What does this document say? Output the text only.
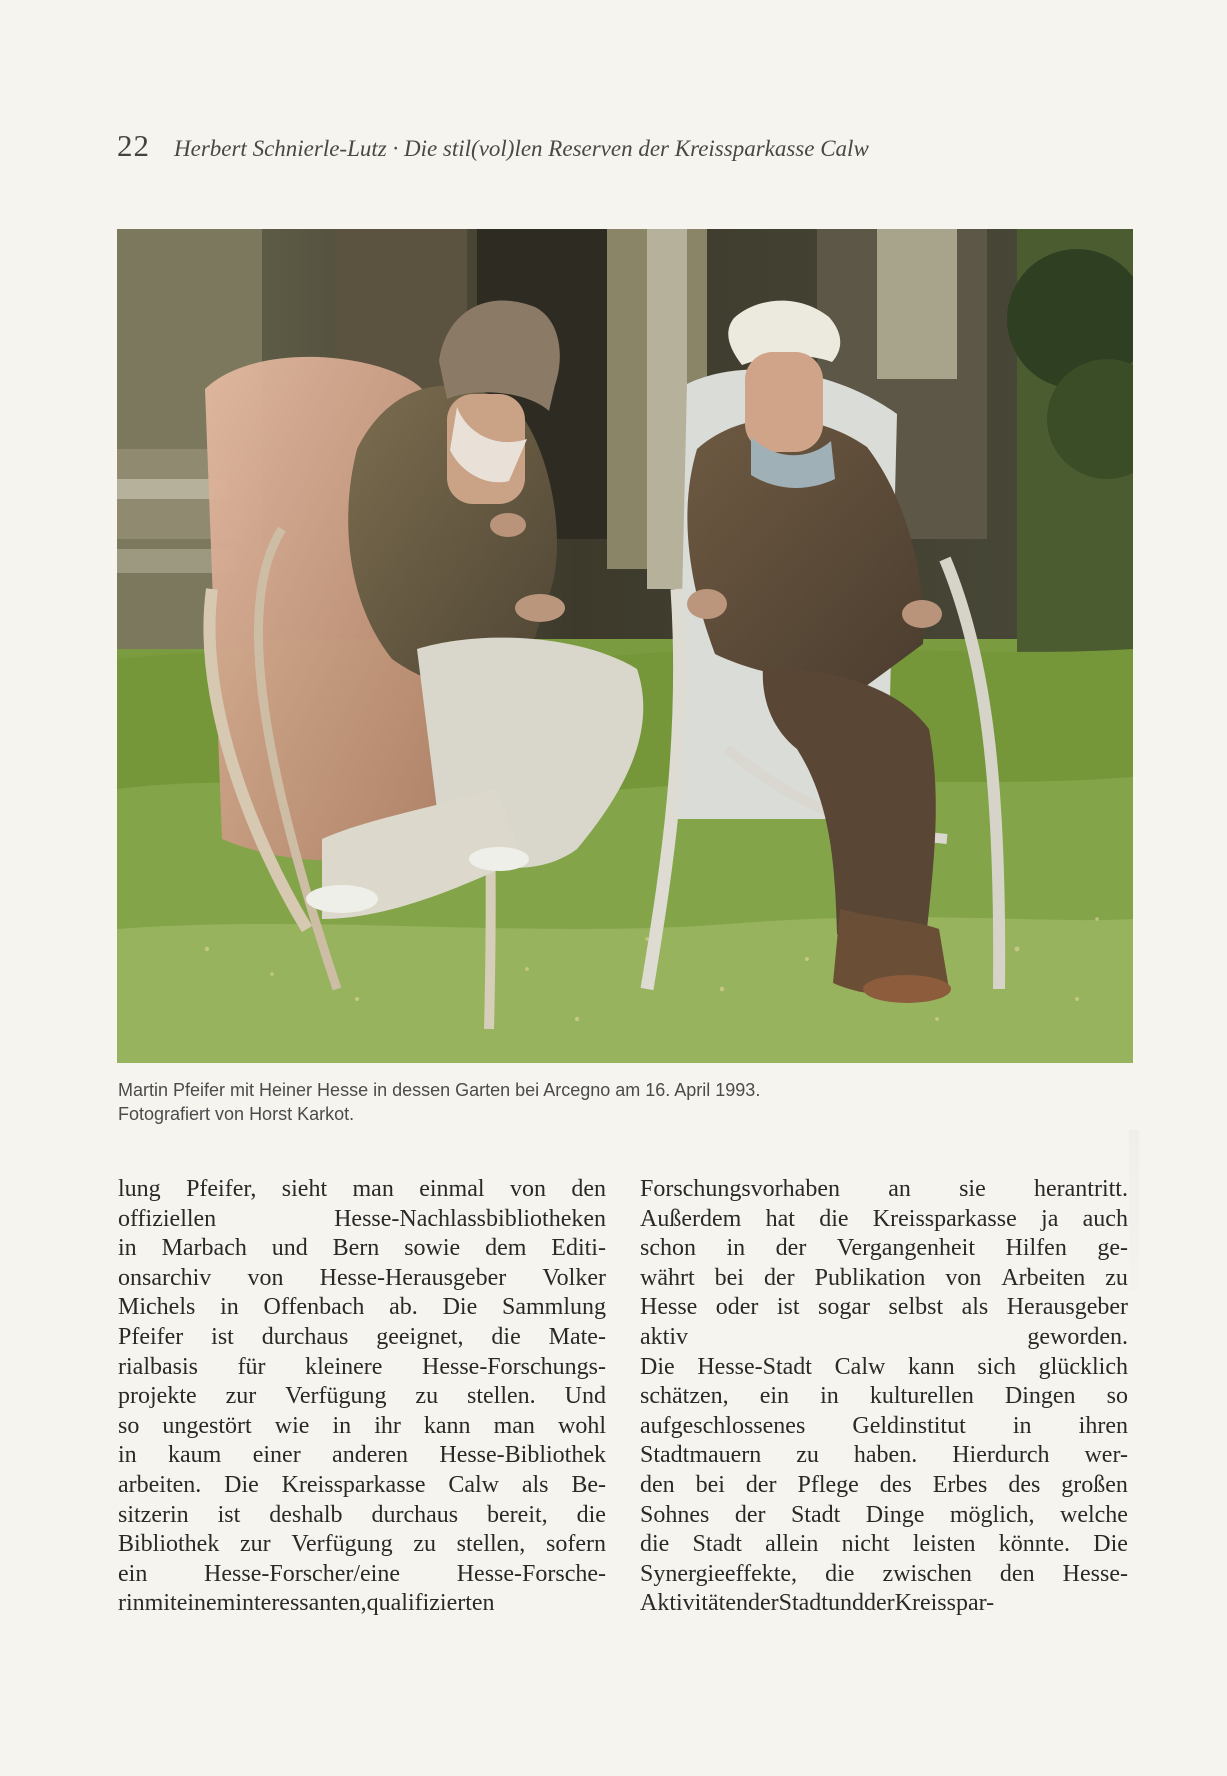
22 Herbert Schnierle-Lutz · Die stil(vol)len Reserven der Kreissparkasse Calw
Martin Pfeifer mit Heiner Hesse in dessen Garten bei Arcegno am 16. April 1993.
Fotografiert von Horst Karkot.
lung Pfeifer, sieht man einmal von den
offiziellen	Hesse-Nachlassbibliotheken
in Marbach und Bern sowie dem Editi-
onsarchiv von Hesse-Herausgeber Volker
Michels in Offenbach ab. Die Sammlung
Pfeifer ist durchaus geeignet, die Mate-
rialbasis für kleinere Hesse-Forschungs-
projekte zur Verfügung zu stellen. Und
so ungestört wie in ihr kann man wohl
in kaum einer anderen Hesse-Bibliothek
arbeiten. Die Kreissparkasse Calw als Be-
sitzerin ist deshalb durchaus bereit, die
Bibliothek zur Verfügung zu stellen, sofern
ein Hesse-Forscher/eine Hesse-Forsche-
rin mit einem interessanten, qualifizierten
Forschungsvorhaben an sie herantritt.
Außerdem hat die Kreissparkasse ja auch
schon in der Vergangenheit Hilfen ge-
währt bei der Publikation von Arbeiten zu
Hesse oder ist sogar selbst als Herausgeber
aktiv	geworden.
Die Hesse-Stadt Calw kann sich glücklich
schätzen, ein in kulturellen Dingen so
aufgeschlossenes Geldinstitut in ihren
Stadtmauern zu haben. Hierdurch wer-
den bei der Pflege des Erbes des großen
Sohnes der Stadt Dinge möglich, welche
die Stadt allein nicht leisten könnte. Die
Synergieeffekte, die zwischen den Hesse-
Aktivitäten der Stadt und der Kreisspar-
